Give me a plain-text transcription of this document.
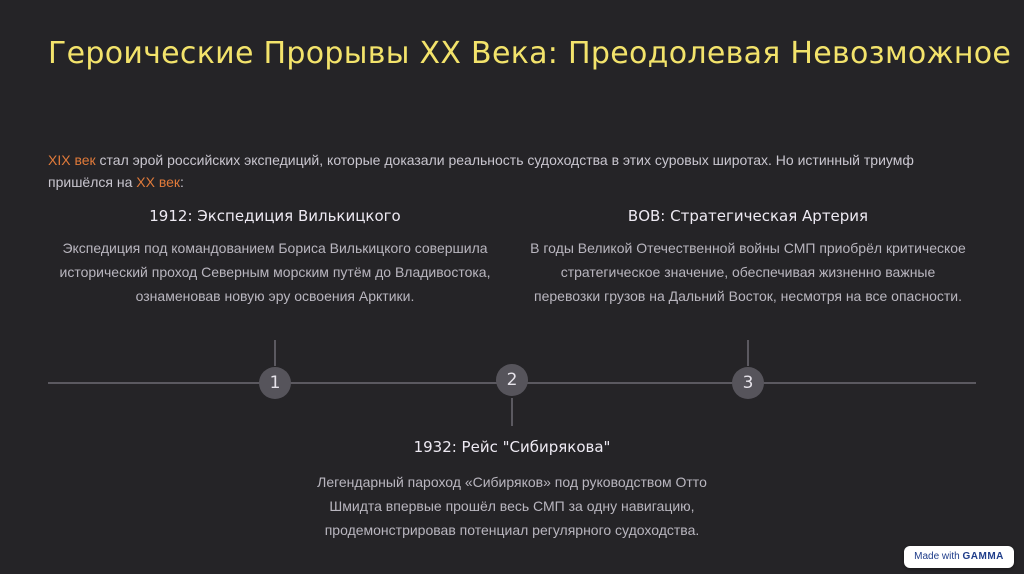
Героические Прорывы XX Века: Преодолевая Невозможное
XIX век стал эрой российских экспедиций, которые доказали реальность судоходства в этих суровых широтах. Но истинный триумф пришёлся на XX век:
1912: Экспедиция Вилькицкого
Экспедиция под командованием Бориса Вилькицкого совершила исторический проход Северным морским путём до Владивостока, ознаменовав новую эру освоения Арктики.
ВОВ: Стратегическая Артерия
В годы Великой Отечественной войны СМП приобрёл критическое стратегическое значение, обеспечивая жизненно важные перевозки грузов на Дальний Восток, несмотря на все опасности.
1	2	3
1932: Рейс "Сибирякова"
Легендарный пароход «Сибиряков» под руководством Отто Шмидта впервые прошёл весь СМП за одну навигацию, продемонстрировав потенциал регулярного судоходства.
Made with GAMMA
